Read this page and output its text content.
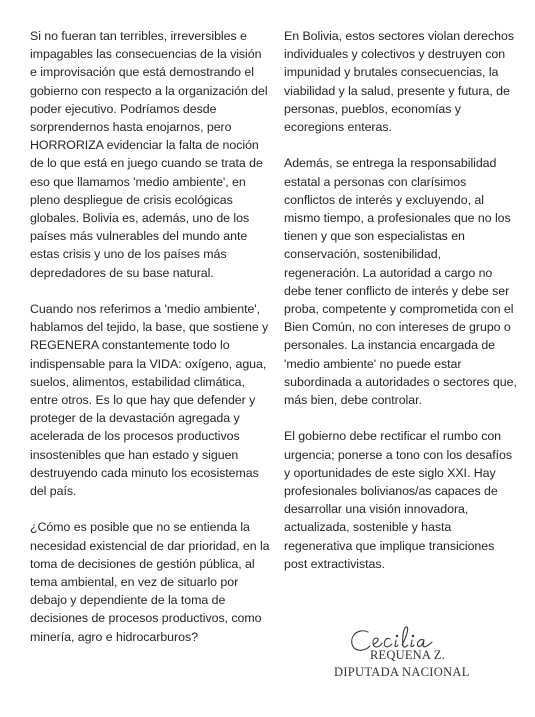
Si no fueran tan terribles, irreversibles e impagables las consecuencias de la visión e improvisación que está demostrando el gobierno con respecto a la organización del poder ejecutivo. Podríamos desde sorprendernos hasta enojarnos, pero HORRORIZA evidenciar la falta de noción de lo que está en juego cuando se trata de eso que llamamos 'medio ambiente', en pleno despliegue de crisis ecológicas globales. Bolivia es, además, uno de los países más vulnerables del mundo ante estas crisis y uno de los países más depredadores de su base natural.

Cuando nos referimos a 'medio ambiente', hablamos del tejido, la base, que sostiene y REGENERA constantemente todo lo indispensable para la VIDA: oxígeno, agua, suelos, alimentos, estabilidad climática, entre otros. Es lo que hay que defender y proteger de la devastación agregada y acelerada de los procesos productivos insostenibles que han estado y siguen destruyendo cada minuto los ecosistemas del país.

¿Cómo es posible que no se entienda la necesidad existencial de dar prioridad, en la toma de decisiones de gestión pública, al tema ambiental, en vez de situarlo por debajo y dependiente de la toma de decisiones de procesos productivos, como minería, agro e hidrocarburos?

En Bolivia, estos sectores violan derechos individuales y colectivos y destruyen con impunidad y brutales consecuencias, la viabilidad y la salud, presente y futura, de personas, pueblos, economías y ecoregions enteras.

Además, se entrega la responsabilidad estatal a personas con clarísimos conflictos de interés y excluyendo, al mismo tiempo, a profesionales que no los tienen y que son especialistas en conservación, sostenibilidad, regeneración. La autoridad a cargo no debe tener conflicto de interés y debe ser proba, competente y comprometida con el Bien Común, no con intereses de grupo o personales. La instancia encargada de 'medio ambiente' no puede estar subordinada a autoridades o sectores que, más bien, debe controlar.

El gobierno debe rectificar el rumbo con urgencia; ponerse a tono con los desafíos y oportunidades de este siglo XXI. Hay profesionales bolivianos/as capaces de desarrollar una visión innovadora, actualizada, sostenible y hasta regenerativa que implique transiciones post extractivistas.

REQUENA Z.
DIPUTADA NACIONAL
